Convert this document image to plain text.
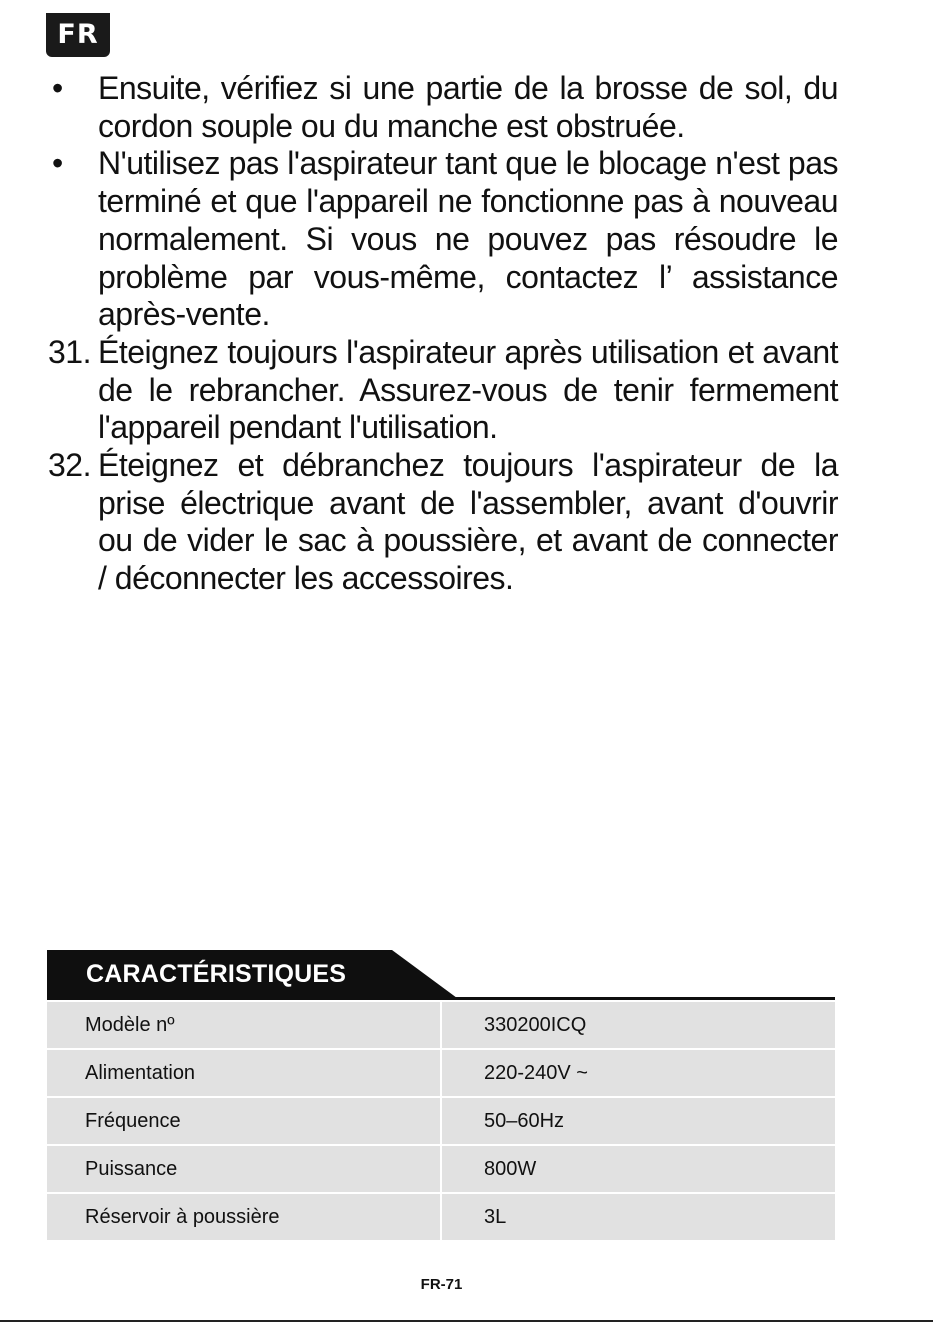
FR
•	Ensuite, vérifiez si une partie de la brosse de sol, du cordon souple ou du manche est obstruée.
•	N'utilisez pas l'aspirateur tant que le blocage n'est pas terminé et que l'appareil ne fonctionne pas à nouveau normalement. Si vous ne pouvez pas résoudre le problème par vous-même, contactez l’ assistance après-vente.
31. Éteignez toujours l'aspirateur après utilisation et avant de le rebrancher. Assurez-vous de tenir fermement l'appareil pendant l'utilisation.
32. Éteignez et débranchez toujours l'aspirateur de la prise électrique avant de l'assembler, avant d'ouvrir ou de vider le sac à poussière, et avant de connecter / déconnecter les accessoires.
CARACTÉRISTIQUES
Modèle nº	330200ICQ
Alimentation	220-240V ~
Fréquence	50–60Hz
Puissance	800W
Réservoir à poussière	3L
FR-71
